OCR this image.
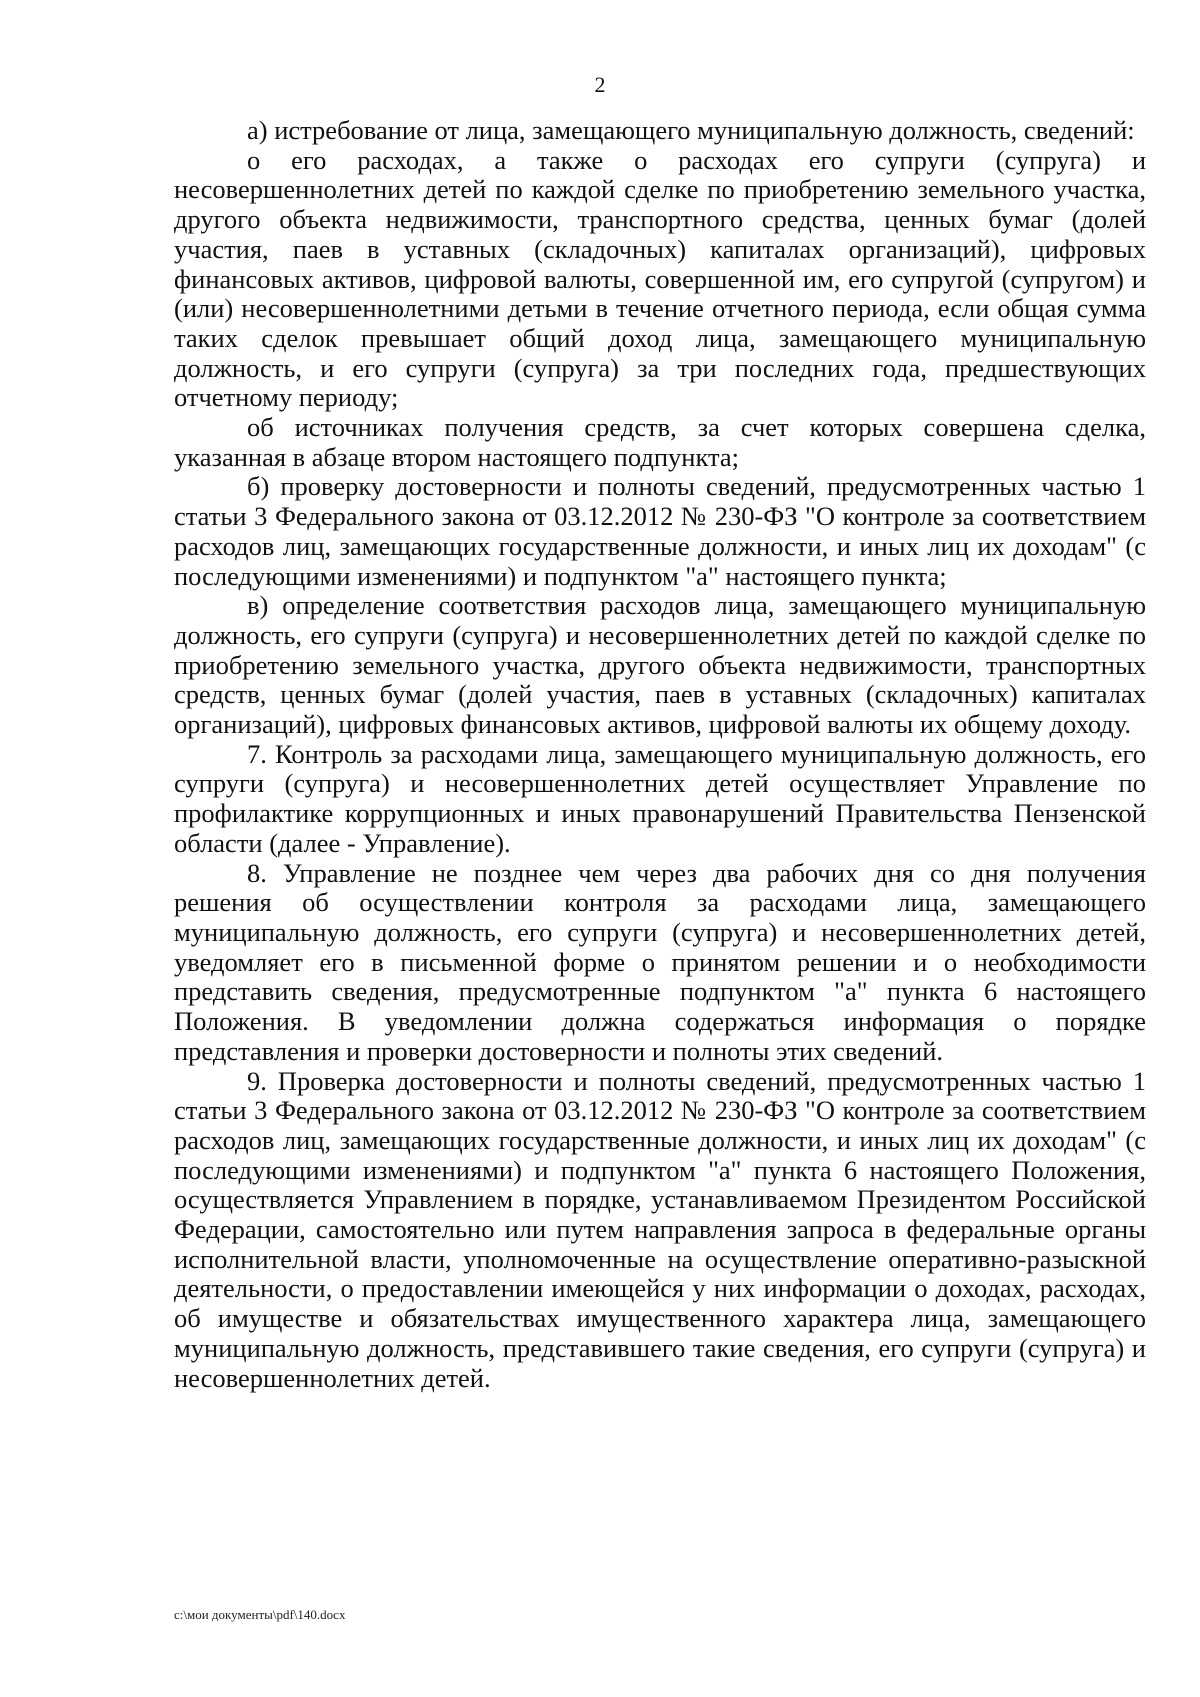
2

а) истребование от лица, замещающего муниципальную должность, сведений:

о его расходах, а также о расходах его супруги (супруга) и несовершеннолетних детей по каждой сделке по приобретению земельного участка, другого объекта недвижимости, транспортного средства, ценных бумаг (долей участия, паев в уставных (складочных) капиталах организаций), цифровых финансовых активов, цифровой валюты, совершенной им, его супругой (супругом) и (или) несовершеннолетними детьми в течение отчетного периода, если общая сумма таких сделок превышает общий доход лица, замещающего муниципальную должность, и его супруги (супруга) за три последних года, предшествующих отчетному периоду;

об источниках получения средств, за счет которых совершена сделка, указанная в абзаце втором настоящего подпункта;

б) проверку достоверности и полноты сведений, предусмотренных частью 1 статьи 3 Федерального закона от 03.12.2012 № 230-ФЗ "О контроле за соответствием расходов лиц, замещающих государственные должности, и иных лиц их доходам" (с последующими изменениями) и подпунктом "а" настоящего пункта;

в) определение соответствия расходов лица, замещающего муниципальную должность, его супруги (супруга) и несовершеннолетних детей по каждой сделке по приобретению земельного участка, другого объекта недвижимости, транспортных средств, ценных бумаг (долей участия, паев в уставных (складочных) капиталах организаций), цифровых финансовых активов, цифровой валюты их общему доходу.

7. Контроль за расходами лица, замещающего муниципальную должность, его супруги (супруга) и несовершеннолетних детей осуществляет Управление по профилактике коррупционных и иных правонарушений Правительства Пензенской области (далее - Управление).

8. Управление не позднее чем через два рабочих дня со дня получения решения об осуществлении контроля за расходами лица, замещающего муниципальную должность, его супруги (супруга) и несовершеннолетних детей, уведомляет его в письменной форме о принятом решении и о необходимости представить сведения, предусмотренные подпунктом "а" пункта 6 настоящего Положения. В уведомлении должна содержаться информация о порядке представления и проверки достоверности и полноты этих сведений.

9. Проверка достоверности и полноты сведений, предусмотренных частью 1 статьи 3 Федерального закона от 03.12.2012 № 230-ФЗ "О контроле за соответствием расходов лиц, замещающих государственные должности, и иных лиц их доходам" (с последующими изменениями) и подпунктом "а" пункта 6 настоящего Положения, осуществляется Управлением в порядке, устанавливаемом Президентом Российской Федерации, самостоятельно или путем направления запроса в федеральные органы исполнительной власти, уполномоченные на осуществление оперативно-разыскной деятельности, о предоставлении имеющейся у них информации о доходах, расходах, об имуществе и обязательствах имущественного характера лица, замещающего муниципальную должность, представившего такие сведения, его супруги (супруга) и несовершеннолетних детей.

c:\мои документы\pdf\140.docx
